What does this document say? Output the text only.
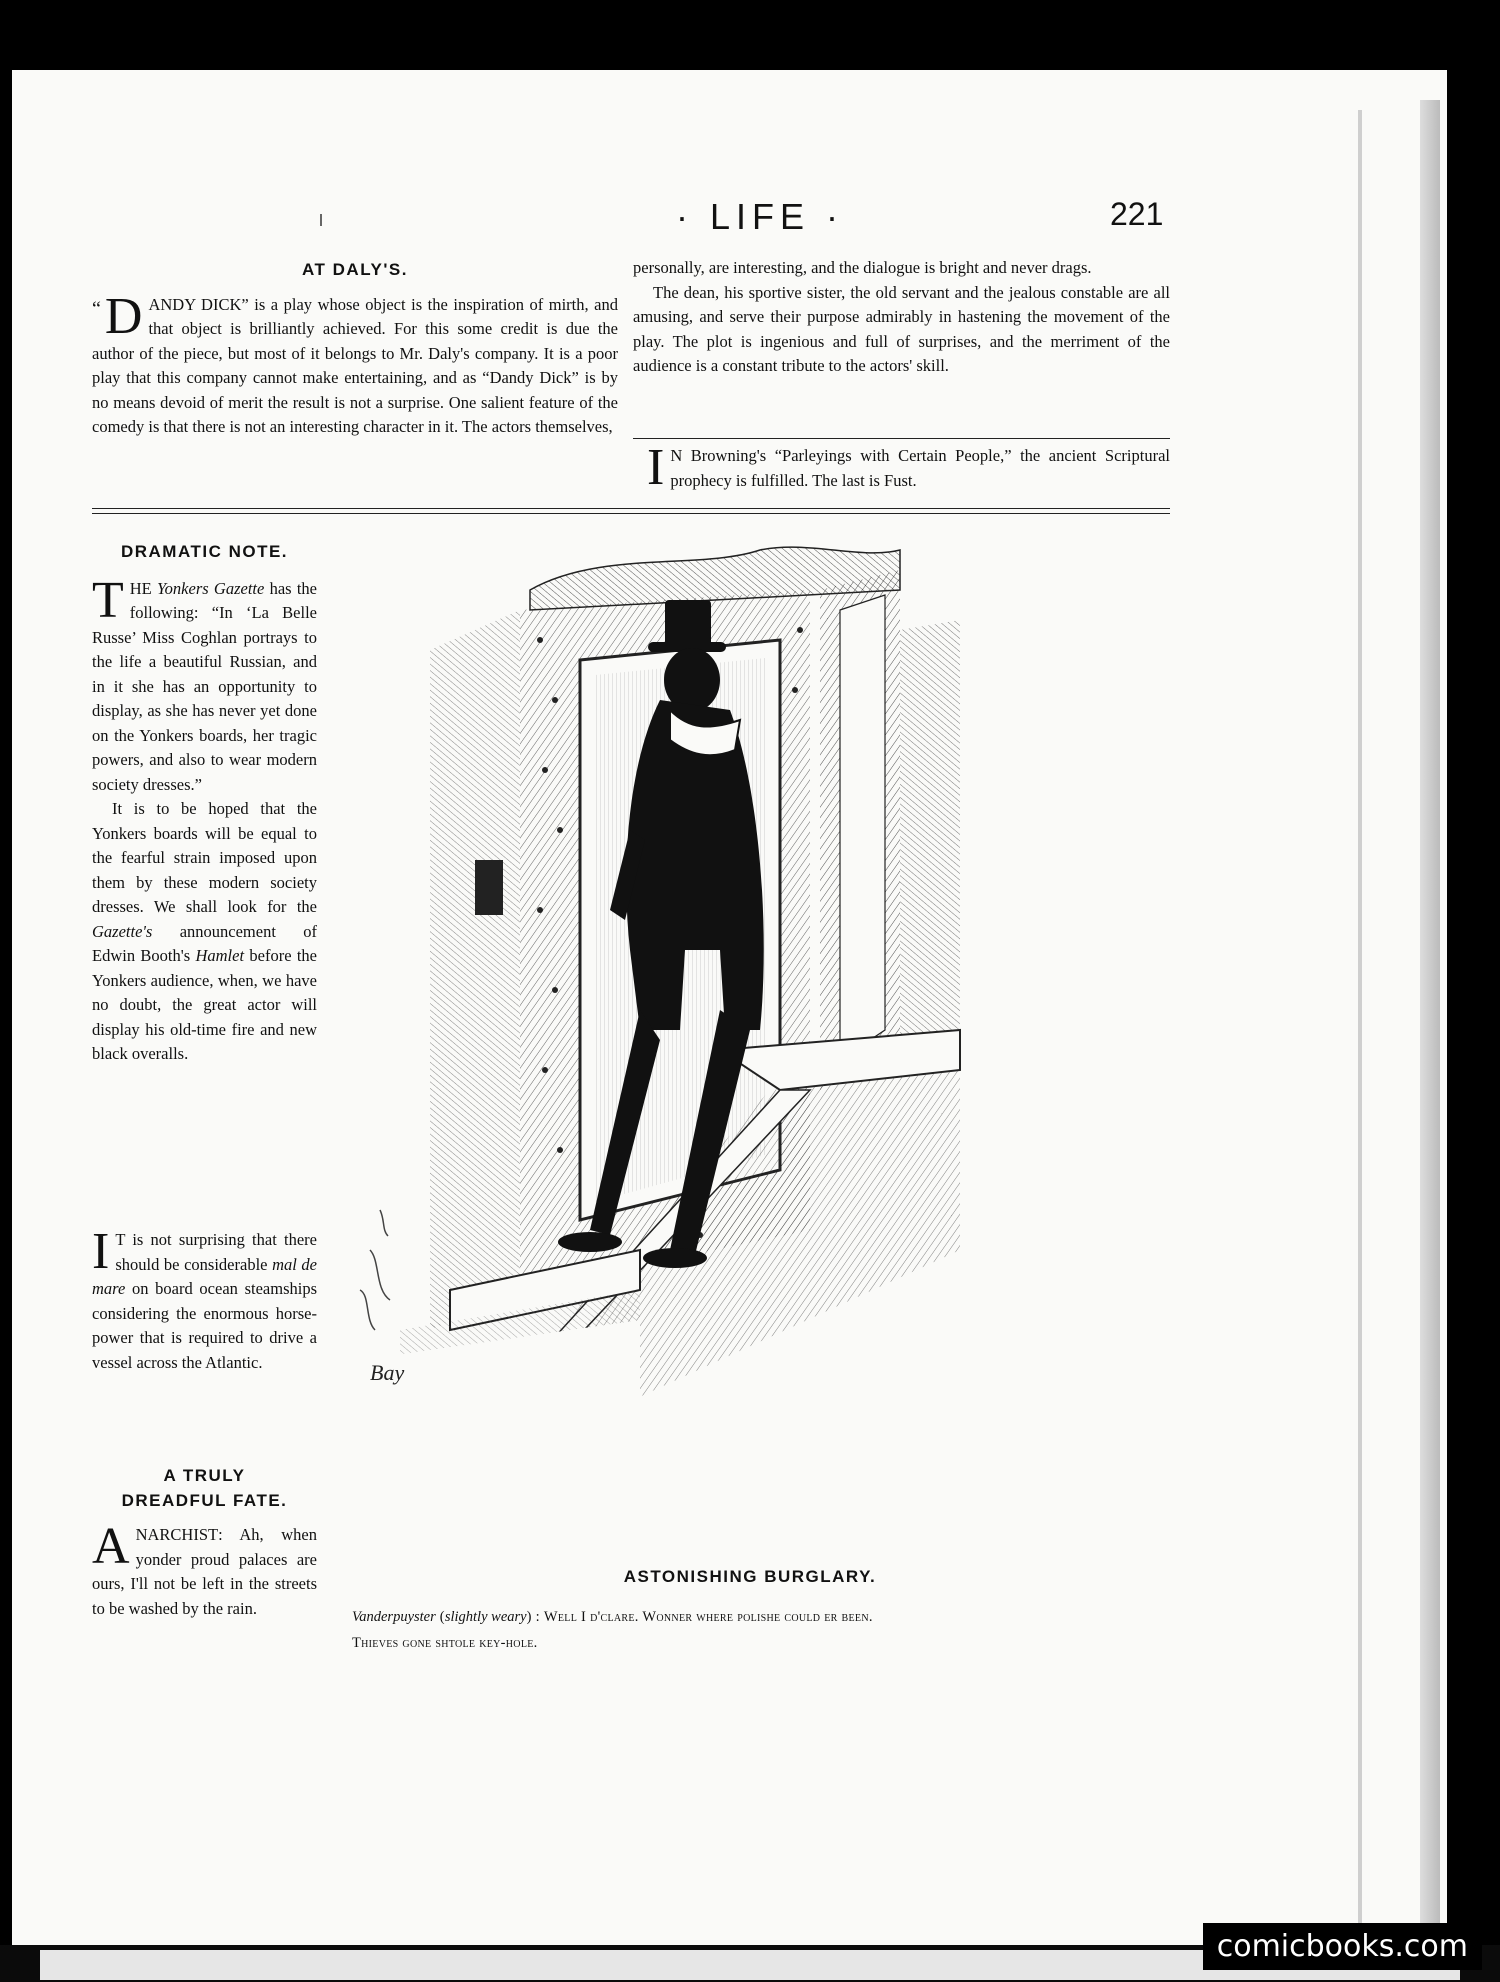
· LIFE ·	221
AT DALY'S.

“ D ANDY DICK” is a play whose object is the inspiration of mirth, and that object is brilliantly achieved. For this some credit is due the author of the piece, but most of it belongs to Mr. Daly's company. It is a poor play that this company cannot make entertaining, and as “Dandy Dick” is by no means devoid of merit the result is not a surprise. One salient feature of the comedy is that there is not an interesting character in it. The actors themselves,

personally, are interesting, and the dialogue is bright and never drags.

The dean, his sportive sister, the old servant and the jealous constable are all amusing, and serve their purpose admirably in hastening the movement of the play. The plot is ingenious and full of surprises, and the merriment of the audience is a constant tribute to the actors' skill.

I N Browning's “Parleyings with Certain People,” the ancient Scriptural prophecy is fulfilled. The last is Fust.

DRAMATIC NOTE.

THE Yonkers Gazette has the following: “In ‘La Belle Russe’ Miss Coghlan portrays to the life a beautiful Russian, and in it she has an opportunity to display, as she has never yet done on the Yonkers boards, her tragic powers, and also to wear modern society dresses.”

It is to be hoped that the Yonkers boards will be equal to the fearful strain imposed upon them by these modern society dresses. We shall look for the Gazette's announcement of Edwin Booth's Hamlet before the Yonkers audience, when, we have no doubt, the great actor will display his old-time fire and new black overalls.

I T is not surprising that there should be considerable mal de mare on board ocean steamships considering the enormous horse-power that is required to drive a vessel across the Atlantic.

A TRULY
DREADFUL FATE.

ANARCHIST: Ah, when yonder proud palaces are ours, I'll not be left in the streets to be washed by the rain.

Bay
ASTONISHING BURGLARY.
Vanderpuyster (slightly weary) : Well I d'clare. Wonner where polishe could er been.
Thieves gone shtole key-hole.
comicbooks.com
